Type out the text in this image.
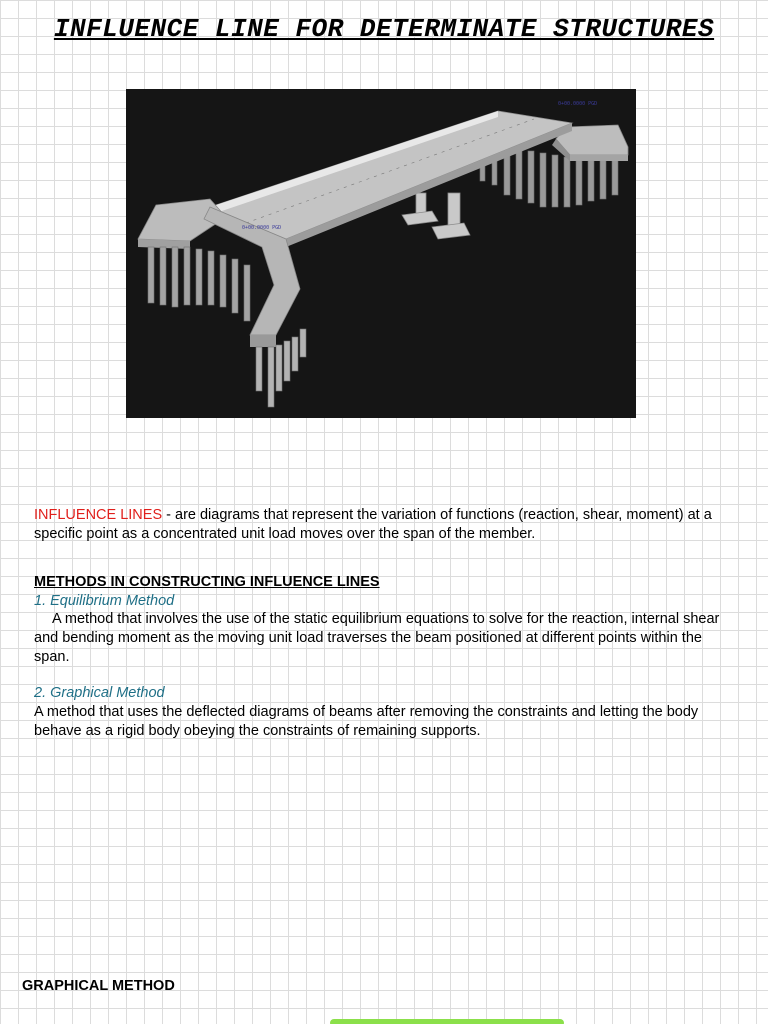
INFLUENCE LINE FOR DETERMINATE STRUCTURES
0+00.0000 PGD
0+00.0000 PGD
INFLUENCE LINES - are diagrams that represent the variation of functions (reaction, shear, moment) at a specific point as a concentrated unit load moves over the span of the member.
METHODS IN CONSTRUCTING INFLUENCE LINES
1. Equilibrium Method
A method that involves the use of the static equilibrium equations to solve for the reaction, internal shear and bending moment as the moving unit load traverses the beam positioned at different points within the span.
2. Graphical Method
A method that uses the deflected diagrams of beams after removing the constraints and letting the body behave as a rigid body obeying the constraints of remaining supports.
GRAPHICAL METHOD
